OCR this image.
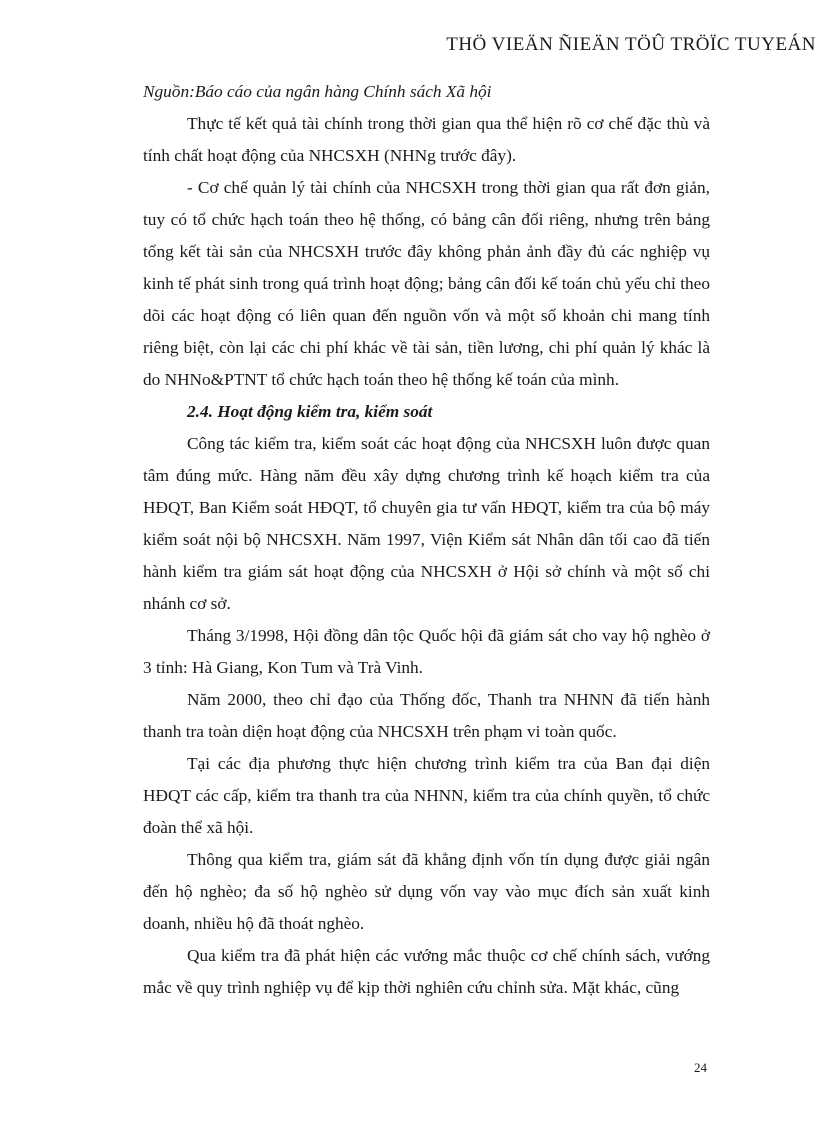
THÖ VIEÄN ÑIEÄN TÖÛ TRÖÏC TUYEÁN

Nguồn:Báo cáo của ngân hàng Chính sách Xã hội

Thực tế kết quả tài chính trong thời gian qua thể hiện rõ cơ chế đặc thù và tính chất hoạt động của NHCSXH (NHNg trước đây).

- Cơ chế quản lý tài chính của NHCSXH trong thời gian qua rất đơn giản, tuy có tổ chức hạch toán theo hệ thống, có bảng cân đối riêng, nhưng trên bảng tổng kết tài sản của NHCSXH trước đây không phản ảnh đầy đủ các nghiệp vụ kinh tế phát sinh trong quá trình hoạt động; bảng cân đối kế toán chủ yếu chỉ theo dõi các hoạt động có liên quan đến nguồn vốn và một số khoản chi mang tính riêng biệt, còn lại các chi phí khác về tài sản, tiền lương, chi phí quản lý khác là do NHNo&PTNT tổ chức hạch toán theo hệ thống kế toán của mình.

2.4. Hoạt động kiểm tra, kiểm soát

Công tác kiểm tra, kiểm soát các hoạt động của NHCSXH luôn được quan tâm đúng mức. Hàng năm đều xây dựng chương trình kế hoạch kiểm tra của HĐQT, Ban Kiểm soát HĐQT, tổ chuyên gia tư vấn HĐQT, kiểm tra của bộ máy kiểm soát nội bộ NHCSXH. Năm 1997, Viện Kiểm sát Nhân dân tối cao đã tiến hành kiểm tra giám sát hoạt động của NHCSXH ở Hội sở chính và một số chi nhánh cơ sở.

Tháng 3/1998, Hội đồng dân tộc Quốc hội đã giám sát cho vay hộ nghèo ở 3 tỉnh: Hà Giang, Kon Tum và Trà Vinh.

Năm 2000, theo chỉ đạo của Thống đốc, Thanh tra NHNN đã tiến hành thanh tra toàn diện hoạt động của NHCSXH trên phạm vi toàn quốc.

Tại các địa phương thực hiện chương trình kiểm tra của Ban đại diện HĐQT các cấp, kiểm tra thanh tra của NHNN, kiểm tra của chính quyền, tổ chức đoàn thể xã hội.

Thông qua kiểm tra, giám sát đã khẳng định vốn tín dụng được giải ngân đến hộ nghèo; đa số hộ nghèo sử dụng vốn vay vào mục đích sản xuất kinh doanh, nhiều hộ đã thoát nghèo.

Qua kiểm tra đã phát hiện các vướng mắc thuộc cơ chế chính sách, vướng mắc về quy trình nghiệp vụ để kịp thời nghiên cứu chỉnh sửa. Mặt khác, cũng

24
